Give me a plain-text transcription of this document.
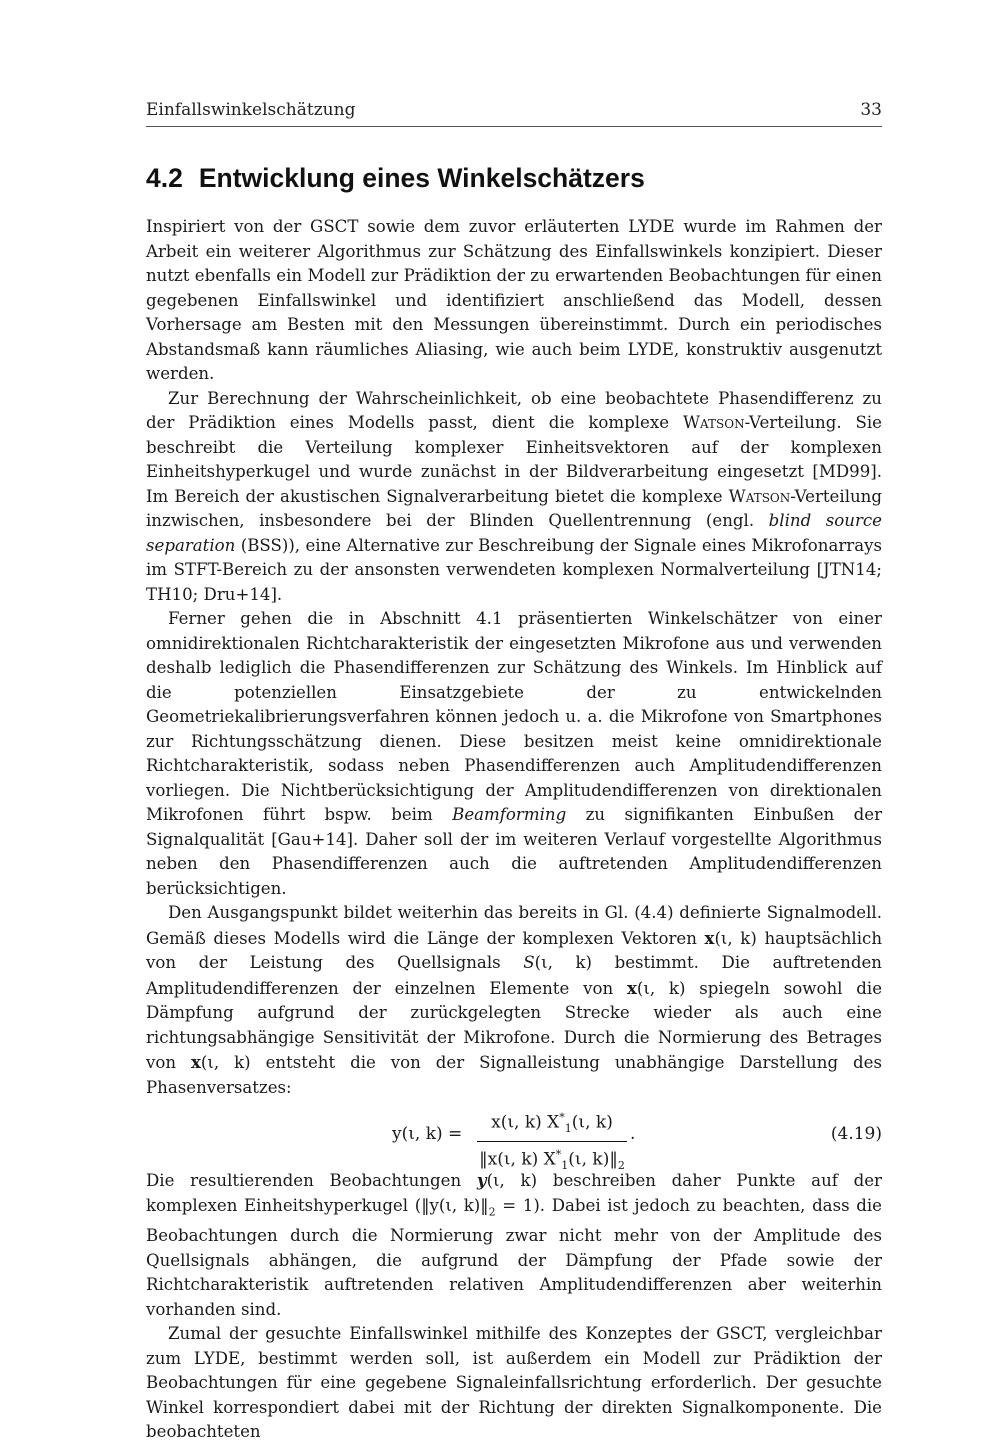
Einfallswinkelschätzung	33
4.2 Entwicklung eines Winkelschätzers

Inspiriert von der GSCT sowie dem zuvor erläuterten LYDE wurde im Rahmen der Arbeit ein weiterer Algorithmus zur Schätzung des Einfallswinkels konzipiert. Dieser nutzt ebenfalls ein Modell zur Prädiktion der zu erwartenden Beobachtungen für einen gegebenen Einfallswinkel und identifiziert anschließend das Modell, dessen Vorhersage am Besten mit den Messungen übereinstimmt. Durch ein periodisches Abstandsmaß kann räumliches Aliasing, wie auch beim LYDE, konstruktiv ausgenutzt werden.

Zur Berechnung der Wahrscheinlichkeit, ob eine beobachtete Phasendifferenz zu der Prädiktion eines Modells passt, dient die komplexe Watson-Verteilung. Sie beschreibt die Verteilung komplexer Einheitsvektoren auf der komplexen Einheitshyperkugel und wurde zunächst in der Bildverarbeitung eingesetzt [MD99]. Im Bereich der akustischen Signalverarbeitung bietet die komplexe Watson-Verteilung inzwischen, insbesondere bei der Blinden Quellentrennung (engl. blind source separation (BSS)), eine Alternative zur Beschreibung der Signale eines Mikrofonarrays im STFT-Bereich zu der ansonsten verwendeten komplexen Normalverteilung [JTN14; TH10; Dru+14].

Ferner gehen die in Abschnitt 4.1 präsentierten Winkelschätzer von einer omnidirektionalen Richtcharakteristik der eingesetzten Mikrofone aus und verwenden deshalb lediglich die Phasendifferenzen zur Schätzung des Winkels. Im Hinblick auf die potenziellen Einsatzgebiete der zu entwickelnden Geometriekalibrierungsverfahren können jedoch u. a. die Mikrofone von Smartphones zur Richtungsschätzung dienen. Diese besitzen meist keine omnidirektionale Richtcharakteristik, sodass neben Phasendifferenzen auch Amplitudendifferenzen vorliegen. Die Nichtberücksichtigung der Amplitudendifferenzen von direktionalen Mikrofonen führt bspw. beim Beamforming zu signifikanten Einbußen der Signalqualität [Gau+14]. Daher soll der im weiteren Verlauf vorgestellte Algorithmus neben den Phasendifferenzen auch die auftretenden Amplitudendifferenzen berücksichtigen.

Den Ausgangspunkt bildet weiterhin das bereits in Gl. (4.4) definierte Signalmodell. Gemäß dieses Modells wird die Länge der komplexen Vektoren x(ι, k) hauptsächlich von der Leistung des Quellsignals S(ι, k) bestimmt. Die auftretenden Amplitudendifferenzen der einzelnen Elemente von x(ι, k) spiegeln sowohl die Dämpfung aufgrund der zurückgelegten Strecke wieder als auch eine richtungsabhängige Sensitivität der Mikrofone. Durch die Normierung des Betrages von x(ι, k) entsteht die von der Signalleistung unabhängige Darstellung des Phasenversatzes:

y(ι, $k) = \frac{x(\iota, k) X^*_1(\iota, k)}{‖x(\iota, k) X^*_1(\iota, k)‖_2}$ .	(4.19)

Die resultierenden Beobachtungen y(ι, k) beschreiben daher Punkte auf der komplexen Einheitshyperkugel (‖y(ι, $k)‖_2 = 1$). Dabei ist jedoch zu beachten, dass die Beobachtungen durch die Normierung zwar nicht mehr von der Amplitude des Quellsignals abhängen, die aufgrund der Dämpfung der Pfade sowie der Richtcharakteristik auftretenden relativen Amplitudendifferenzen aber weiterhin vorhanden sind.

Zumal der gesuchte Einfallswinkel mithilfe des Konzeptes der GSCT, vergleichbar zum LYDE, bestimmt werden soll, ist außerdem ein Modell zur Prädiktion der Beobachtungen für eine gegebene Signaleinfallsrichtung erforderlich. Der gesuchte Winkel korrespondiert dabei mit der Richtung der direkten Signalkomponente. Die beobachteten
